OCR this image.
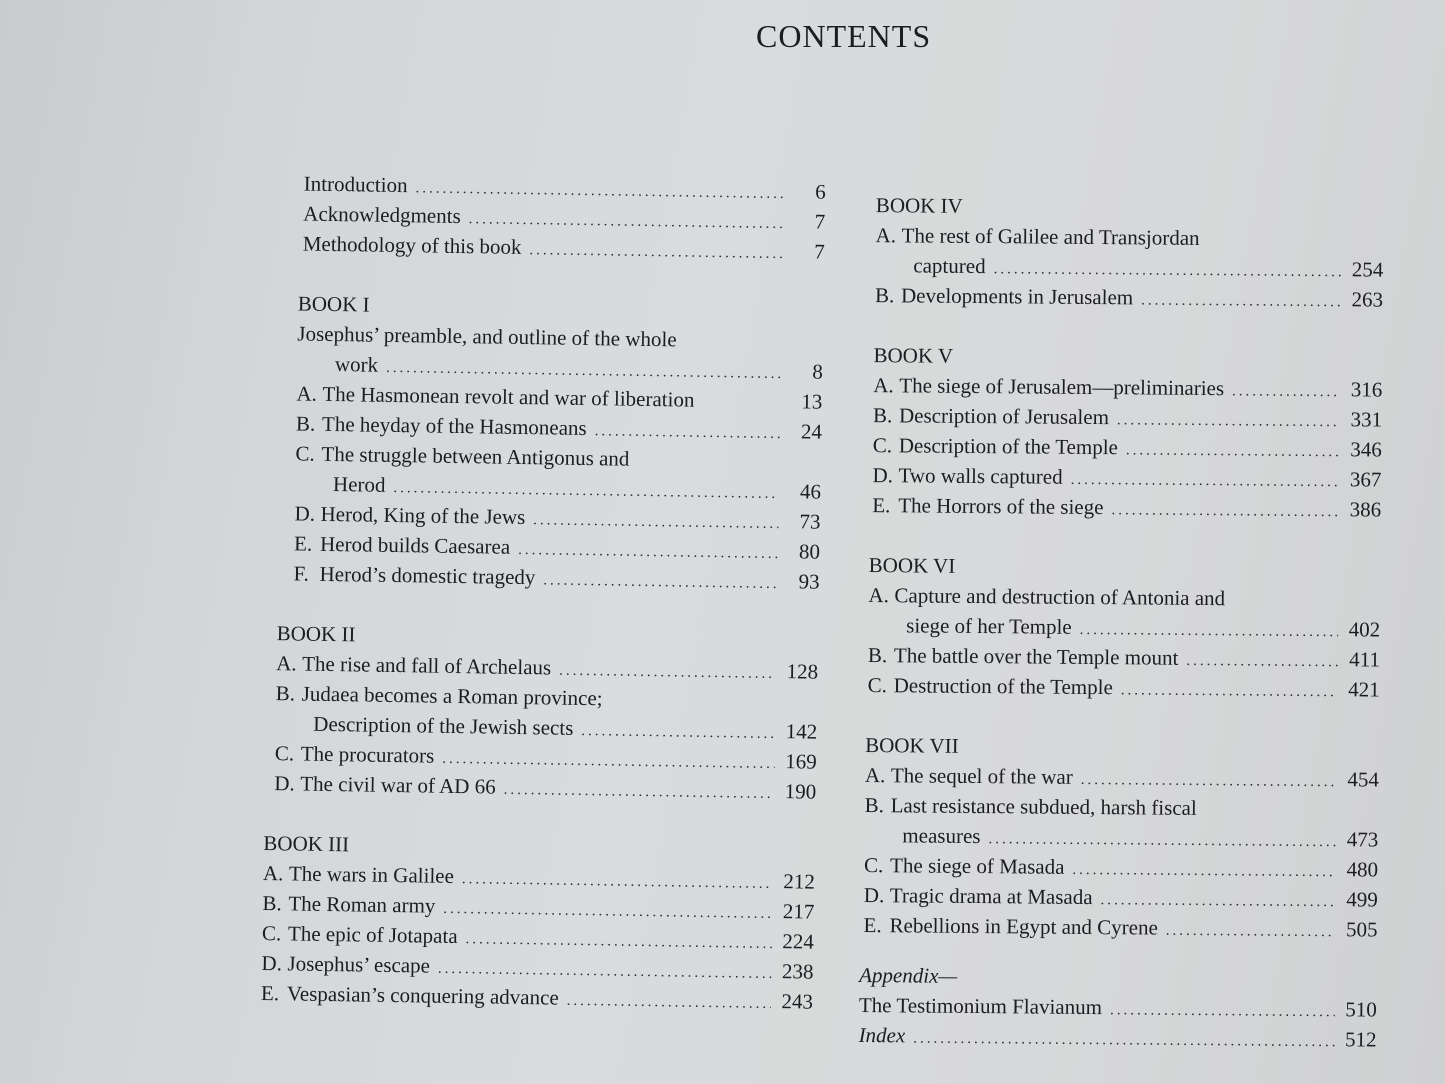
CONTENTS
Introduction .....	6
Acknowledgments .....	7
Methodology of this book .....	7
BOOK I
Josephus’ preamble, and outline of the whole
work .....	8
A. The Hasmonean revolt and war of liberation	13
B. The heyday of the Hasmoneans .....	24
C. The struggle between Antigonus and
Herod .....	46
D. Herod, King of the Jews .....	73
E. Herod builds Caesarea .....	80
F. Herod’s domestic tragedy .....	93
BOOK II
A. The rise and fall of Archelaus .....	128
B. Judaea becomes a Roman province;
Description of the Jewish sects .....	142
C. The procurators .....	169
D. The civil war of AD 66 .....	190
BOOK III
A. The wars in Galilee .....	212
B. The Roman army .....	217
C. The epic of Jotapata .....	224
D. Josephus’ escape .....	238
E. Vespasian’s conquering advance .....	243
BOOK IV
A. The rest of Galilee and Transjordan
captured .....	254
B. Developments in Jerusalem .....	263
BOOK V
A. The siege of Jerusalem—preliminaries .....	316
B. Description of Jerusalem .....	331
C. Description of the Temple .....	346
D. Two walls captured .....	367
E. The Horrors of the siege .....	386
BOOK VI
A. Capture and destruction of Antonia and
siege of her Temple .....	402
B. The battle over the Temple mount .....	411
C. Destruction of the Temple .....	421
BOOK VII
A. The sequel of the war .....	454
B. Last resistance subdued, harsh fiscal
measures .....	473
C. The siege of Masada .....	480
D. Tragic drama at Masada .....	499
E. Rebellions in Egypt and Cyrene .....	505
Appendix—
The Testimonium Flavianum .....	510
Index .....	512
